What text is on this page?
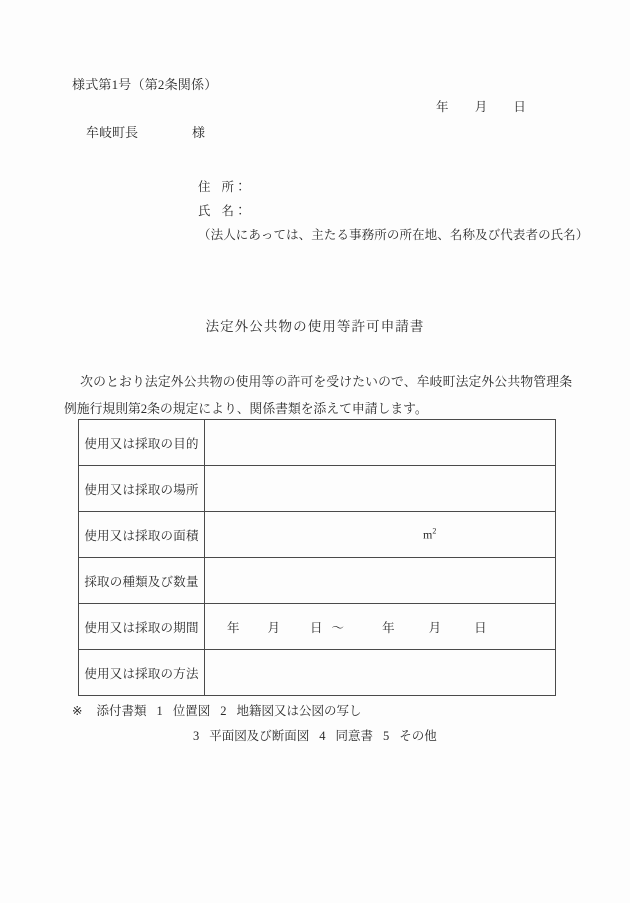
様式第1号（第2条関係）
年 月 日
牟岐町長	様
住 所：
氏 名：
（法人にあっては、主たる事務所の所在地、名称及び代表者の氏名）
法定外公共物の使用等許可申請書
次のとおり法定外公共物の使用等の許可を受けたいので、牟岐町法定外公共物管理条例施行規則第2条の規定により、関係書類を添えて申請します。
使用又は採取の目的	
使用又は採取の場所	
使用又は採取の面積	$m^2$

採取の種類及び数量	
使用又は採取の期間	年 月 日 ～ 年 月 日

使用又は採取の方法	
※ 添付書類 1 位置図 2 地籍図又は公図の写し
3 平面図及び断面図 4 同意書 5 その他
